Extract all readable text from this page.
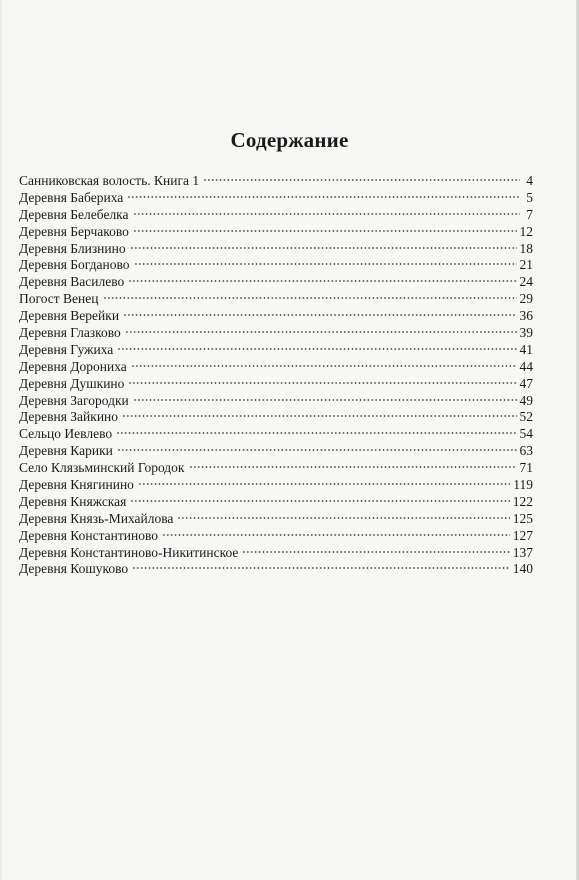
Содержание
Санниковская волость. Книга 1	4
Деревня Бабериха	5
Деревня Белебелка	7
Деревня Берчаково	12
Деревня Близнино	18
Деревня Богданово	21
Деревня Василево	24
Погост Венец	29
Деревня Верейки	36
Деревня Глазково	39
Деревня Гужиха	41
Деревня Дорониха	44
Деревня Душкино	47
Деревня Загородки	49
Деревня Зайкино	52
Сельцо Иевлево	54
Деревня Карики	63
Село Клязьминский Городок	71
Деревня Княгинино	119
Деревня Княжская	122
Деревня Князь-Михайлова	125
Деревня Константиново	127
Деревня Константиново-Никитинское	137
Деревня Кошуково	140
